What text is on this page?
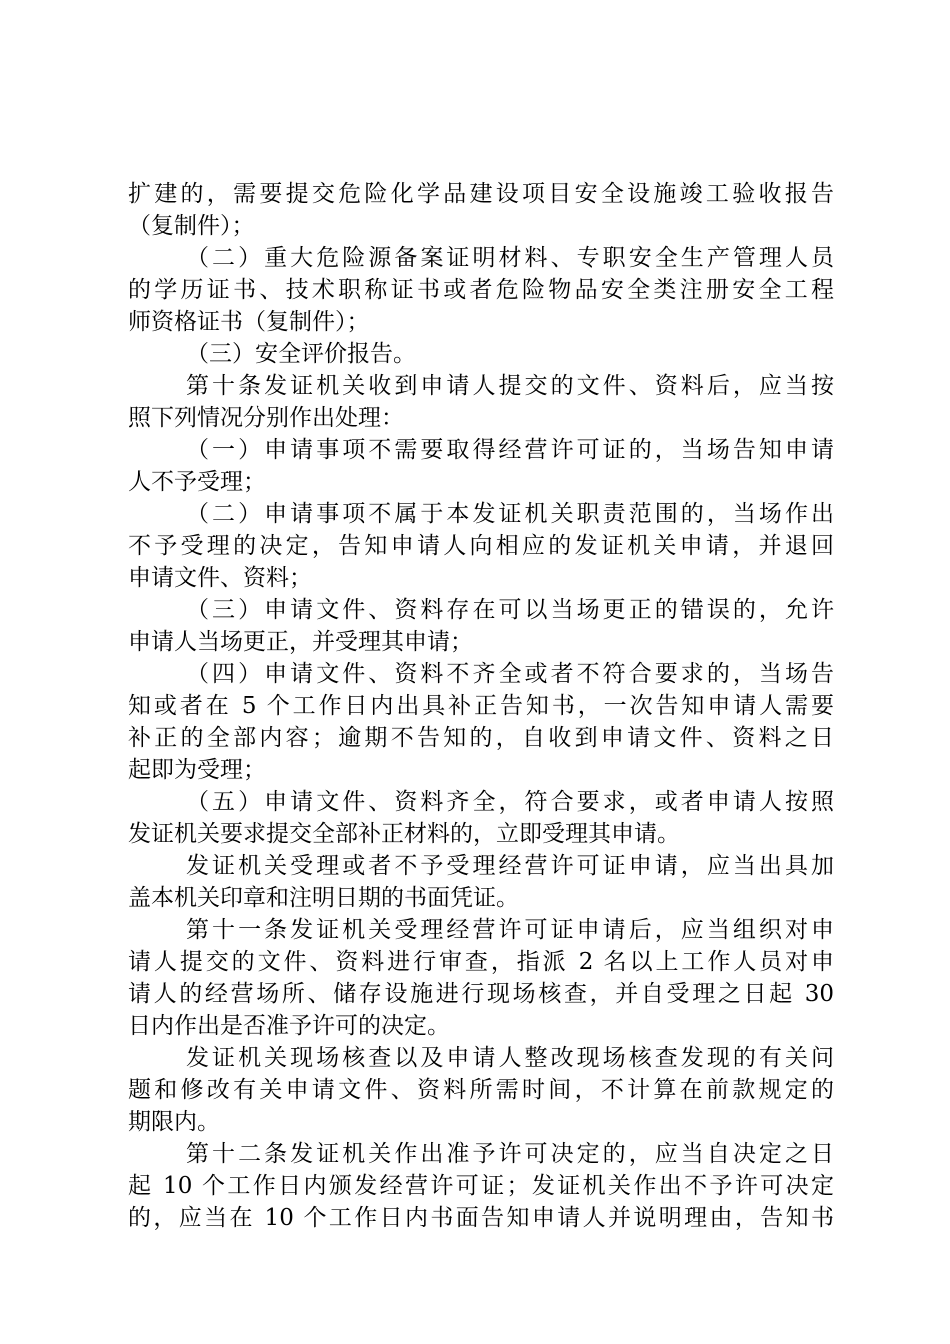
扩建的，需要提交危险化学品建设项目安全设施竣工验收报告
（复制件）；
（二）重大危险源备案证明材料、专职安全生产管理人员
的学历证书、技术职称证书或者危险物品安全类注册安全工程
师资格证书（复制件）；
（三）安全评价报告。
第十条发证机关收到申请人提交的文件、资料后，应当按
照下列情况分别作出处理：
（一）申请事项不需要取得经营许可证的，当场告知申请
人不予受理；
（二）申请事项不属于本发证机关职责范围的，当场作出
不予受理的决定，告知申请人向相应的发证机关申请，并退回
申请文件、资料；
（三）申请文件、资料存在可以当场更正的错误的，允许
申请人当场更正，并受理其申请；
（四）申请文件、资料不齐全或者不符合要求的，当场告
知或者在 5 个工作日内出具补正告知书，一次告知申请人需要
补正的全部内容；逾期不告知的，自收到申请文件、资料之日
起即为受理；
（五）申请文件、资料齐全，符合要求，或者申请人按照
发证机关要求提交全部补正材料的，立即受理其申请。
发证机关受理或者不予受理经营许可证申请，应当出具加
盖本机关印章和注明日期的书面凭证。
第十一条发证机关受理经营许可证申请后，应当组织对申
请人提交的文件、资料进行审查，指派 2 名以上工作人员对申
请人的经营场所、储存设施进行现场核查，并自受理之日起 30
日内作出是否准予许可的决定。
发证机关现场核查以及申请人整改现场核查发现的有关问
题和修改有关申请文件、资料所需时间，不计算在前款规定的
期限内。
第十二条发证机关作出准予许可决定的，应当自决定之日
起 10 个工作日内颁发经营许可证；发证机关作出不予许可决定
的，应当在 10 个工作日内书面告知申请人并说明理由，告知书
